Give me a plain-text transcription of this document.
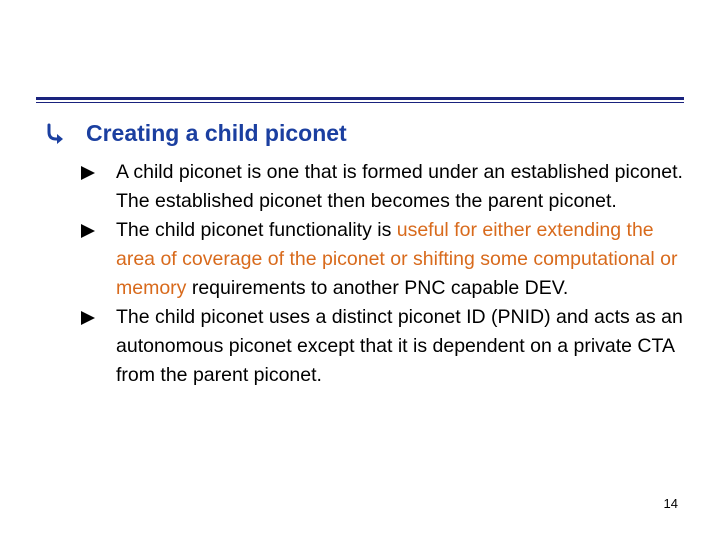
Creating a child piconet
A child piconet is one that is formed under an established piconet. The established piconet then becomes the parent piconet.
The child piconet functionality is useful for either extending the area of coverage of the piconet or shifting some computational or memory requirements to another PNC capable DEV.
The child piconet uses a distinct piconet ID (PNID) and acts as an autonomous piconet except that it is dependent on a private CTA from the parent piconet.
14
